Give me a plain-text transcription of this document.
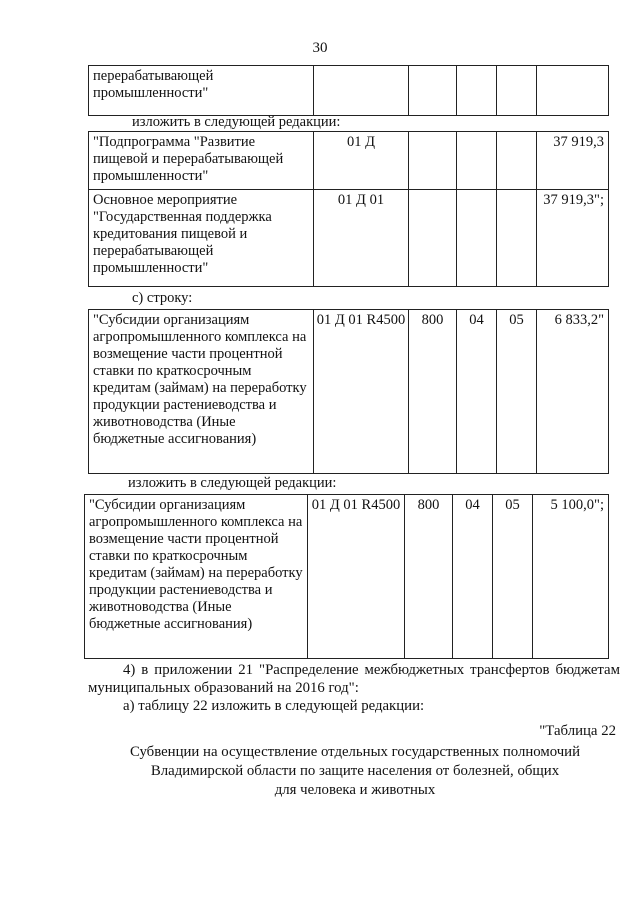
30
перерабатывающей
промышленности"					
изложить в следующей редакции:
"Подпрограмма "Развитие пищевой и перерабатывающей промышленности"	01 Д				37 919,3
Основное мероприятие "Государственная поддержка кредитования пищевой и перерабатывающей промышленности"	01 Д 01				37 919,3";
с) строку:
"Субсидии организациям агропромышленного комплекса на возмещение части процентной ставки по краткосрочным кредитам (займам) на переработку продукции растениеводства и животноводства (Иные бюджетные ассигнования)	01 Д 01 R4500	800	04	05	6 833,2"
изложить в следующей редакции:
"Субсидии организациям агропромышленного комплекса на возмещение части процентной ставки по краткосрочным кредитам (займам) на переработку продукции растениеводства и животноводства (Иные бюджетные ассигнования)	01 Д 01 R4500	800	04	05	5 100,0";
4) в приложении 21 "Распределение межбюджетных трансфертов бюджетам муниципальных образований на 2016 год":
а) таблицу 22 изложить в следующей редакции:
"Таблица 22
Субвенции на осуществление отдельных государственных полномочий
Владимирской области по защите населения от болезней, общих
для человека и животных
